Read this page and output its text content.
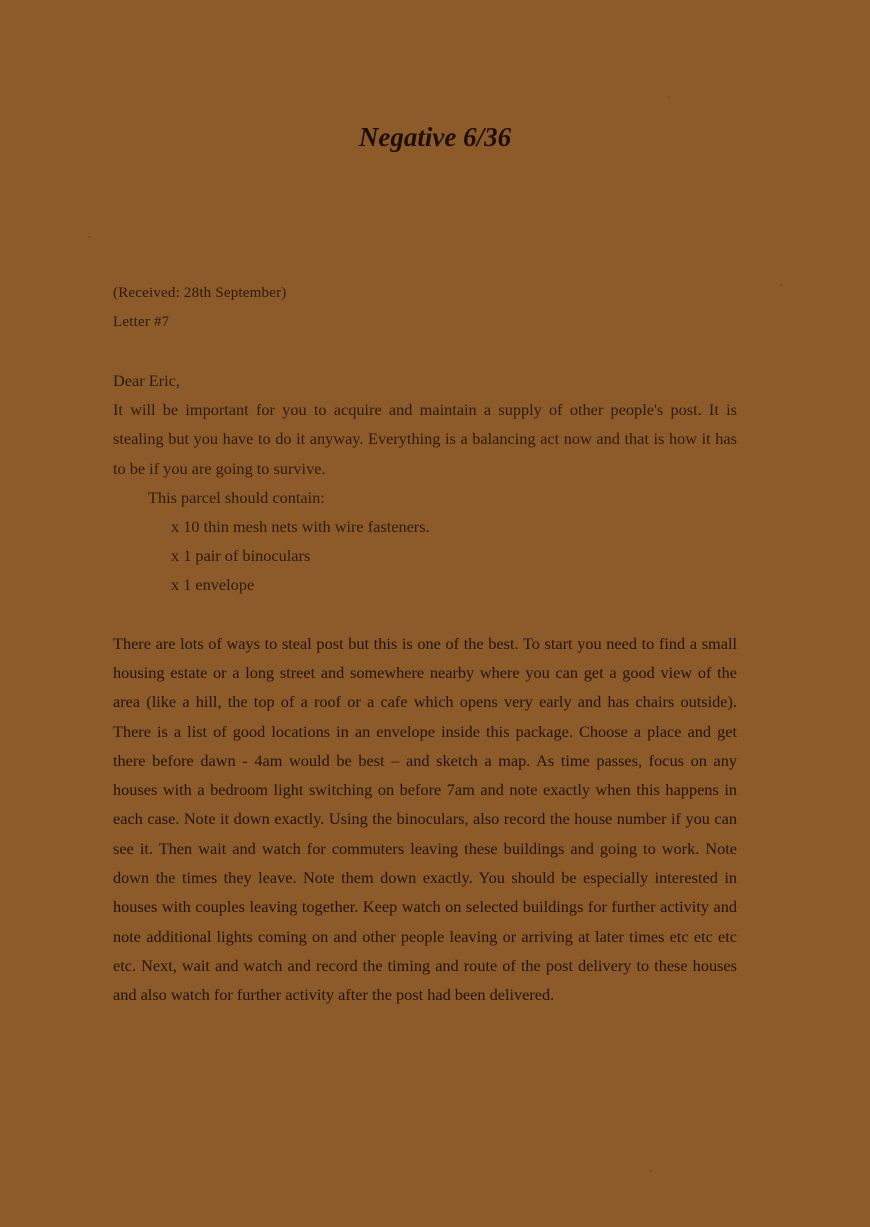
Negative 6/36
(Received: 28th September)
Letter #7

Dear Eric,

It will be important for you to acquire and maintain a supply of other people's post. It is stealing but you have to do it anyway. Everything is a balancing act now and that is how it has to be if you are going to survive.

This parcel should contain:

x 10 thin mesh nets with wire fasteners.
x 1 pair of binoculars
x 1 envelope

There are lots of ways to steal post but this is one of the best. To start you need to find a small housing estate or a long street and somewhere nearby where you can get a good view of the area (like a hill, the top of a roof or a cafe which opens very early and has chairs outside). There is a list of good locations in an envelope inside this package. Choose a place and get there before dawn - 4am would be best – and sketch a map. As time passes, focus on any houses with a bedroom light switching on before 7am and note exactly when this happens in each case. Note it down exactly. Using the binoculars, also record the house number if you can see it. Then wait and watch for commuters leaving these buildings and going to work. Note down the times they leave. Note them down exactly. You should be especially interested in houses with couples leaving together. Keep watch on selected buildings for further activity and note additional lights coming on and other people leaving or arriving at later times etc etc etc etc. Next, wait and watch and record the timing and route of the post delivery to these houses and also watch for further activity after the post had been delivered.
